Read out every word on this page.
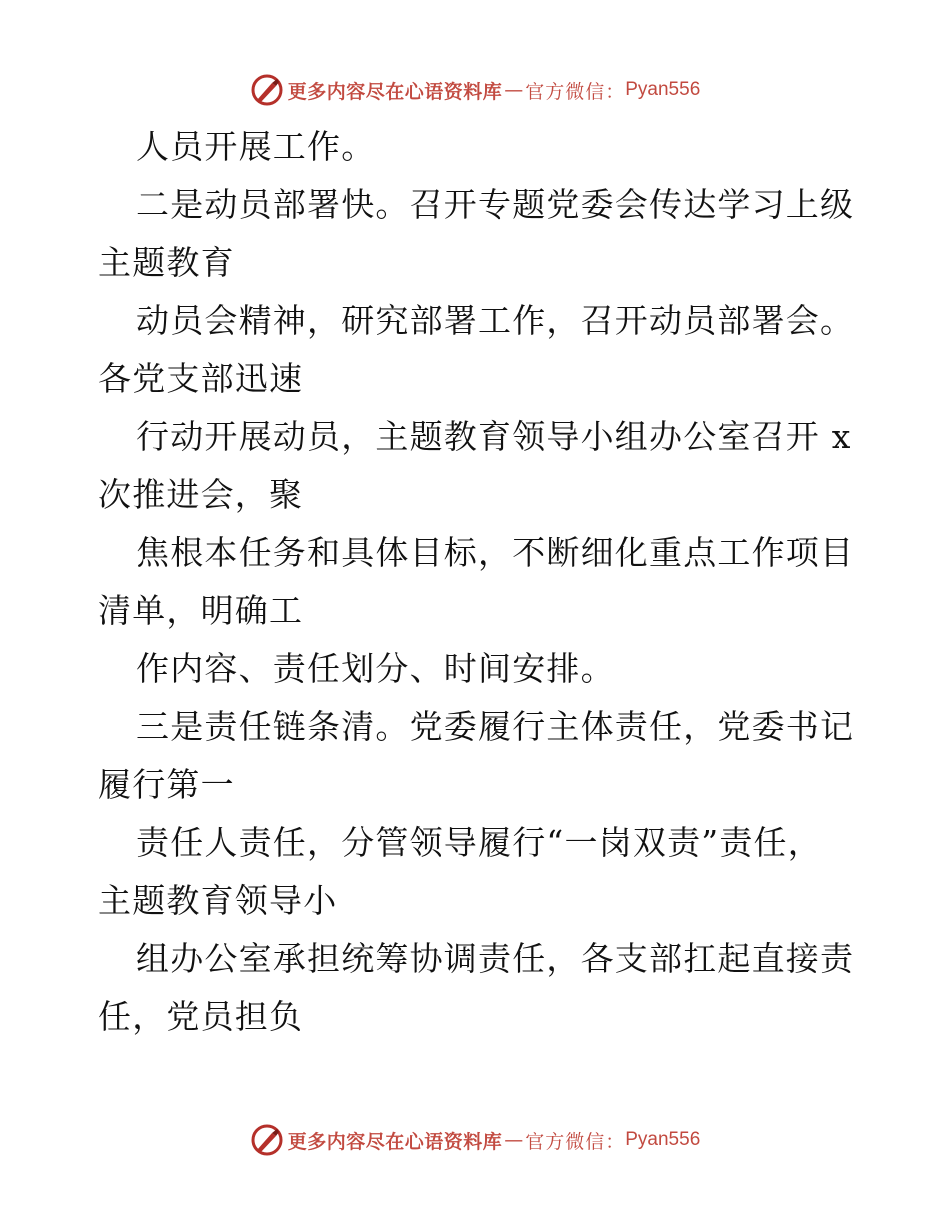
更多内容尽在心语资料库 — 官方微信： Pyan556
人员开展工作。
二是动员部署快。召开专题党委会传达学习上级
主题教育
动员会精神，研究部署工作，召开动员部署会。
各党支部迅速
行动开展动员，主题教育领导小组办公室召开 x
次推进会，聚
焦根本任务和具体目标，不断细化重点工作项目
清单，明确工
作内容、责任划分、时间安排。
三是责任链条清。党委履行主体责任，党委书记
履行第一
责任人责任，分管领导履行“一岗双责”责任，
主题教育领导小
组办公室承担统筹协调责任，各支部扛起直接责
任，党员担负
更多内容尽在心语资料库 — 官方微信： Pyan556
